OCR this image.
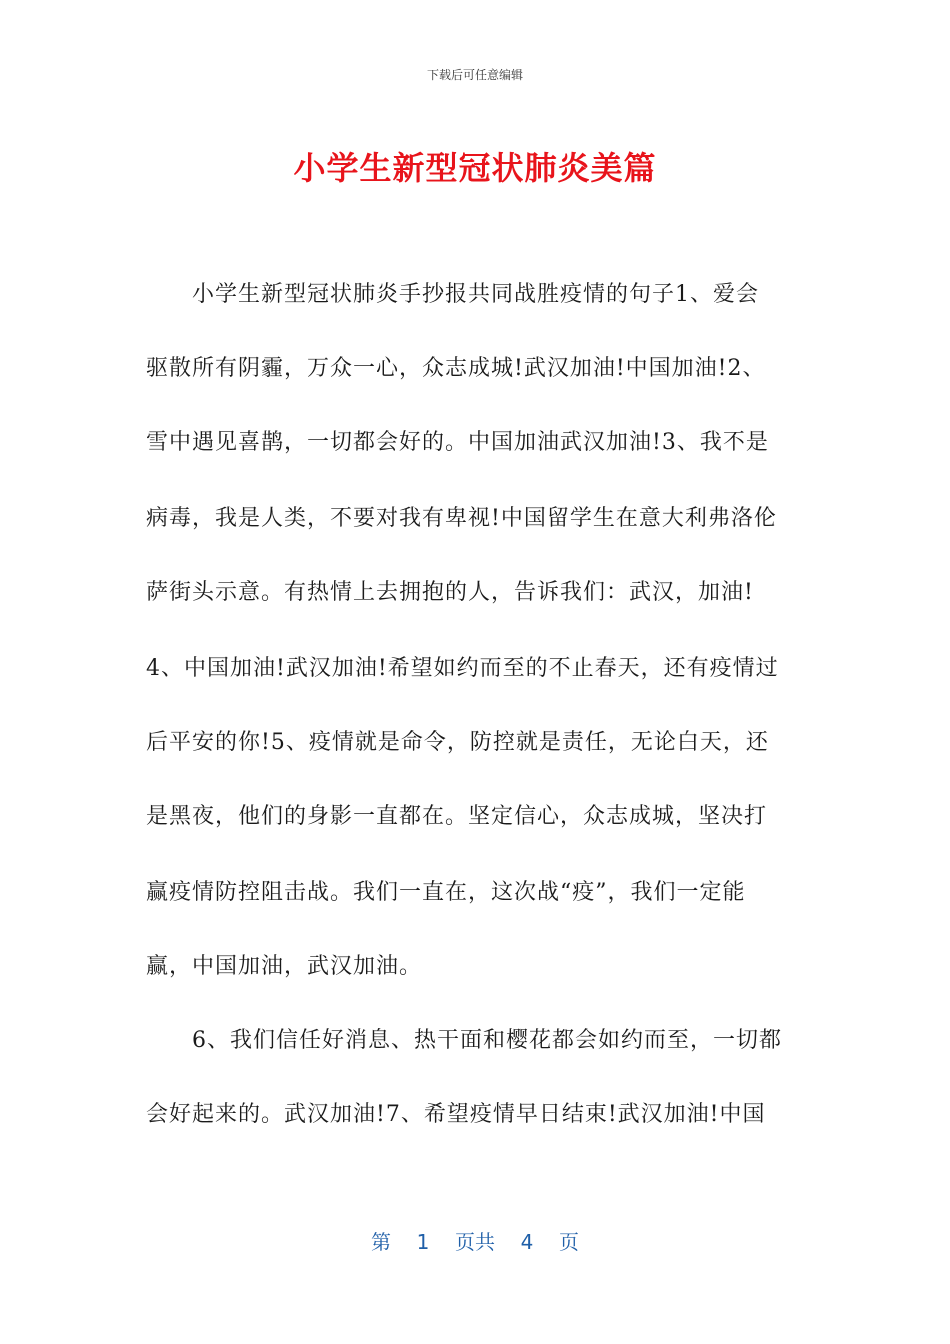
下载后可任意编辑
小学生新型冠状肺炎美篇
小学生新型冠状肺炎手抄报共同战胜疫情的句子1、爱会
驱散所有阴霾，万众一心，众志成城!武汉加油!中国加油!2、
雪中遇见喜鹊，一切都会好的。中国加油武汉加油!3、我不是
病毒，我是人类，不要对我有卑视!中国留学生在意大利弗洛伦
萨街头示意。有热情上去拥抱的人，告诉我们：武汉，加油!
4、中国加油!武汉加油!希望如约而至的不止春天，还有疫情过
后平安的你!5、疫情就是命令，防控就是责任，无论白天，还
是黑夜，他们的身影一直都在。坚定信心，众志成城，坚决打
赢疫情防控阻击战。我们一直在，这次战“疫”，我们一定能
赢，中国加油，武汉加油。
6、我们信任好消息、热干面和樱花都会如约而至，一切都
会好起来的。武汉加油!7、希望疫情早日结束!武汉加油!中国
第 1 页共 4 页
